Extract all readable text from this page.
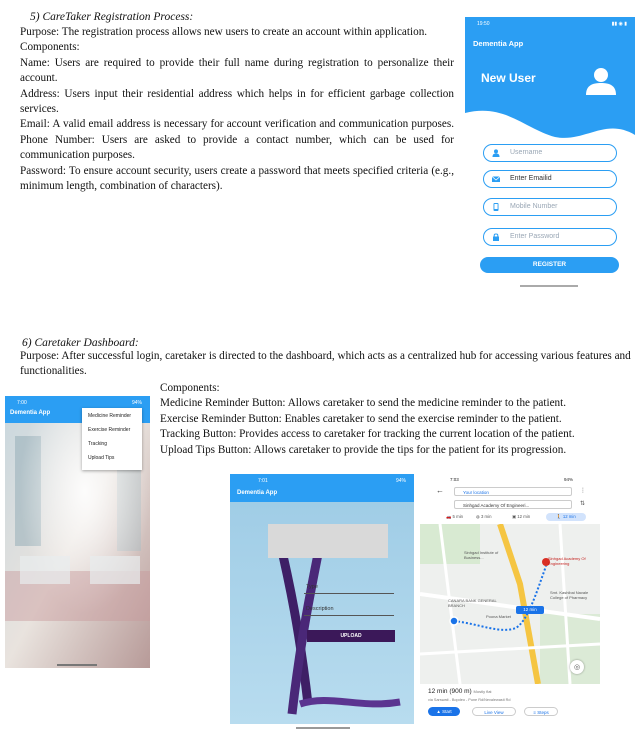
5) CareTaker Registration Process:
Purpose: The registration process allows new users to create an account within application.
Components:
Name: Users are required to provide their full name during registration to personalize their account.
Address: Users input their residential address which helps in for efficient garbage collection services.
Email: A valid email address is necessary for account verification and communication purposes. Phone Number: Users are asked to provide a contact number, which can be used for communication purposes.
Password: To ensure account security, users create a password that meets specified criteria (e.g., minimum length, combination of characters).
19:50	▮▮ ◉ ▮
Dementia App
New User
Username
Enter Emailid
Mobile Number
Enter Password
REGISTER
6) Caretaker Dashboard:
Purpose: After successful login, caretaker is directed to the dashboard, which acts as a centralized hub for accessing various features and functionalities.
Components:
Medicine Reminder Button: Allows caretaker to send the medicine reminder to the patient.
Exercise Reminder Button: Enables caretaker to send the exercise reminder to the patient.
Tracking Button: Provides access to caretaker for tracking the current location of the patient.
Upload Tips Button: Allows caretaker to provide the tips for the patient for its progression.
7:00	94%
Dementia App	Medicine Reminder
Exercise Reminder
Tracking
Upload Tips
7:01	94%
Dementia App
Type
Description
UPLOAD
7:03	94%
←	Your location
Sinhgad Academy Of Engineeri...
⋮
⇅
🚗 5 min	◍ 3 min	▣ 12 min	🚶 12 min
Sinhgad Institute of Business...	Sinhgad Academy Of Engineering
Smt. Kashibai Navale College of Pharmacy
CANARA BANK GENERAL BRANCH
Poona Market
12 min
◎
12 min (900 m) Mostly flat
via Sarswati - Bopdeo - Pune Rd/Nevalewasti Rd
▲ Start	Live View	≡ Steps
